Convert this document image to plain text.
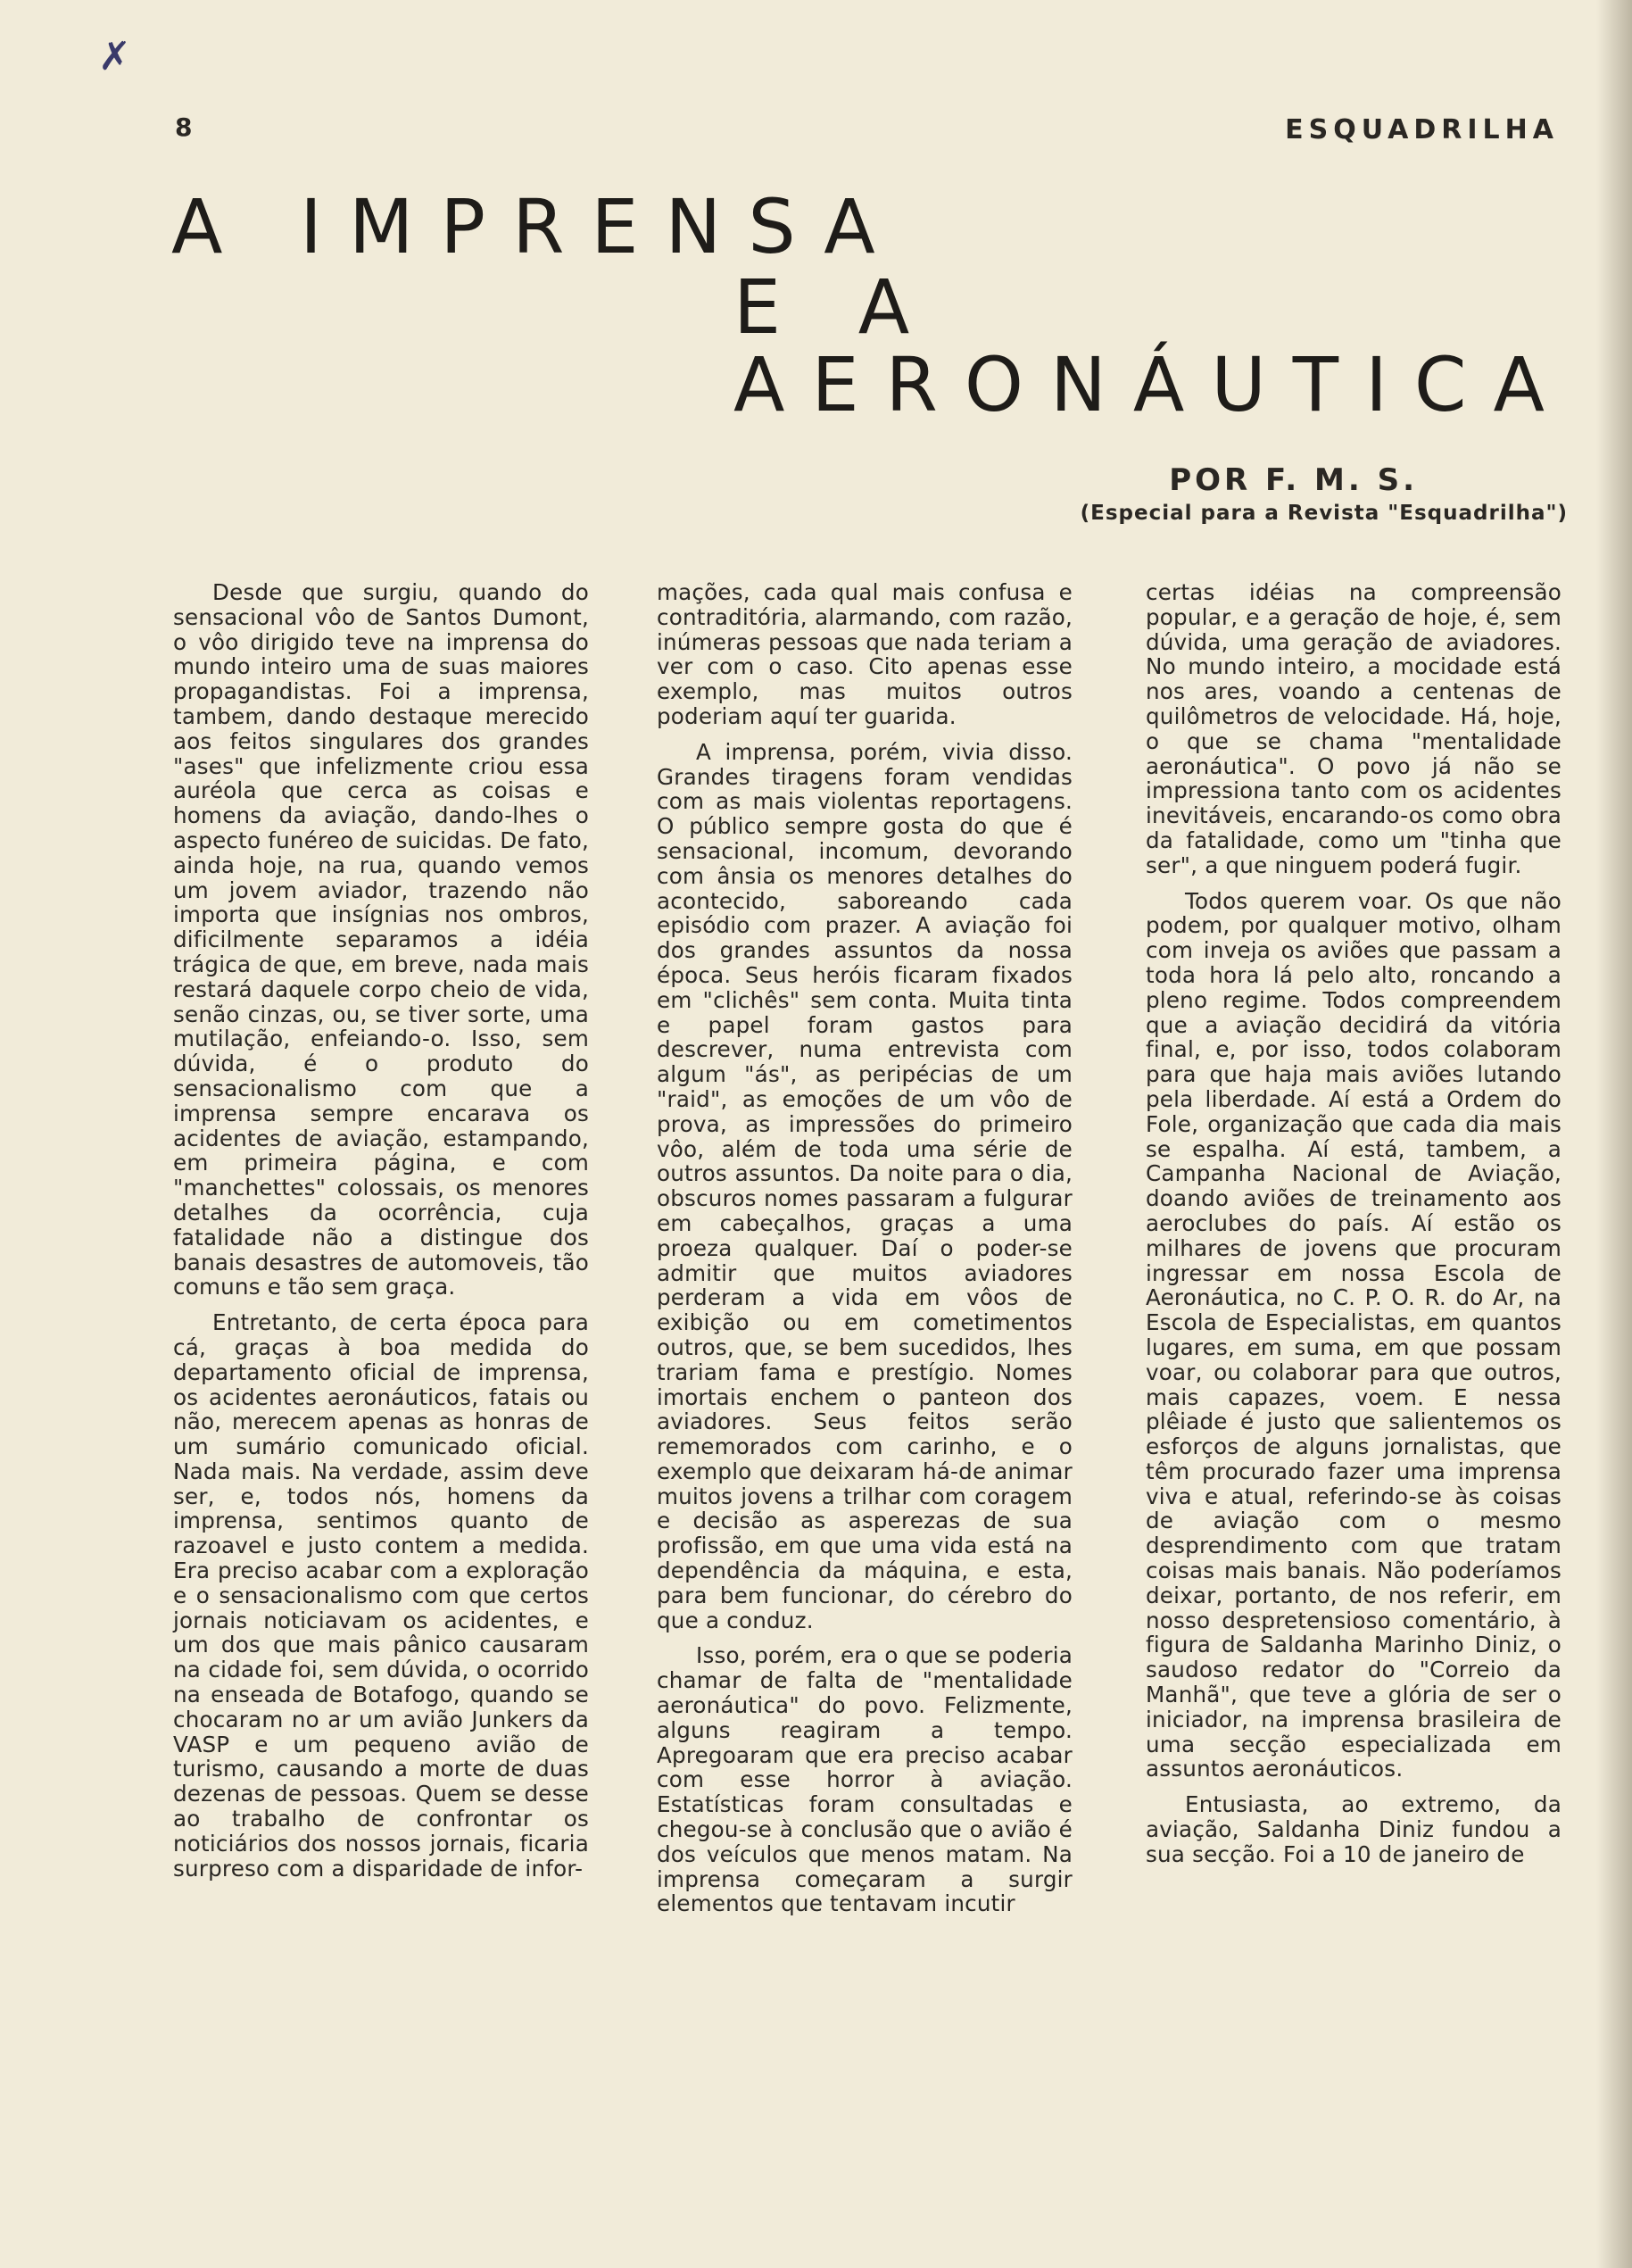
✗
8	ESQUADRILHA
A IMPRENSA
E A
AERONÁUTICA
POR F. M. S.
(Especial para a Revista "Esquadrilha")

Desde que surgiu, quando do sensacional vôo de Santos Dumont, o vôo dirigido teve na imprensa do mundo inteiro uma de suas maiores propagandistas. Foi a imprensa, tambem, dando destaque merecido aos feitos singulares dos grandes "ases" que infelizmente criou essa auréola que cerca as coisas e homens da aviação, dando-lhes o aspecto funéreo de suicidas. De fato, ainda hoje, na rua, quando vemos um jovem aviador, trazendo não importa que insígnias nos ombros, dificilmente separamos a idéia trágica de que, em breve, nada mais restará daquele corpo cheio de vida, senão cinzas, ou, se tiver sorte, uma mutilação, enfeiando-o. Isso, sem dúvida, é o produto do sensacionalismo com que a imprensa sempre encarava os acidentes de aviação, estampando, em primeira página, e com "manchettes" colossais, os menores detalhes da ocorrência, cuja fatalidade não a distingue dos banais desastres de automoveis, tão comuns e tão sem graça.

Entretanto, de certa época para cá, graças à boa medida do departamento oficial de imprensa, os acidentes aeronáuticos, fatais ou não, merecem apenas as honras de um sumário comunicado oficial. Nada mais. Na verdade, assim deve ser, e, todos nós, homens da imprensa, sentimos quanto de razoavel e justo contem a medida. Era preciso acabar com a exploração e o sensacionalismo com que certos jornais noticiavam os acidentes, e um dos que mais pânico causaram na cidade foi, sem dúvida, o ocorrido na enseada de Botafogo, quando se chocaram no ar um avião Junkers da VASP e um pequeno avião de turismo, causando a morte de duas dezenas de pessoas. Quem se desse ao trabalho de confrontar os noticiários dos nossos jornais, ficaria surpreso com a disparidade de infor-

mações, cada qual mais confusa e contraditória, alarmando, com razão, inúmeras pessoas que nada teriam a ver com o caso. Cito apenas esse exemplo, mas muitos outros poderiam aquí ter guarida.

A imprensa, porém, vivia disso. Grandes tiragens foram vendidas com as mais violentas reportagens. O público sempre gosta do que é sensacional, incomum, devorando com ânsia os menores detalhes do acontecido, saboreando cada episódio com prazer. A aviação foi dos grandes assuntos da nossa época. Seus heróis ficaram fixados em "clichês" sem conta. Muita tinta e papel foram gastos para descrever, numa entrevista com algum "ás", as peripécias de um "raid", as emoções de um vôo de prova, as impressões do primeiro vôo, além de toda uma série de outros assuntos. Da noite para o dia, obscuros nomes passaram a fulgurar em cabeçalhos, graças a uma proeza qualquer. Daí o poder-se admitir que muitos aviadores perderam a vida em vôos de exibição ou em cometimentos outros, que, se bem sucedidos, lhes trariam fama e prestígio. Nomes imortais enchem o panteon dos aviadores. Seus feitos serão rememorados com carinho, e o exemplo que deixaram há-de animar muitos jovens a trilhar com coragem e decisão as asperezas de sua profissão, em que uma vida está na dependência da máquina, e esta, para bem funcionar, do cérebro do que a conduz.

Isso, porém, era o que se poderia chamar de falta de "mentalidade aeronáutica" do povo. Felizmente, alguns reagiram a tempo. Apregoaram que era preciso acabar com esse horror à aviação. Estatísticas foram consultadas e chegou-se à conclusão que o avião é dos veículos que menos matam. Na imprensa começaram a surgir elementos que tentavam incutir

certas idéias na compreensão popular, e a geração de hoje, é, sem dúvida, uma geração de aviadores. No mundo inteiro, a mocidade está nos ares, voando a centenas de quilômetros de velocidade. Há, hoje, o que se chama "mentalidade aeronáutica". O povo já não se impressiona tanto com os acidentes inevitáveis, encarando-os como obra da fatalidade, como um "tinha que ser", a que ninguem poderá fugir.

Todos querem voar. Os que não podem, por qualquer motivo, olham com inveja os aviões que passam a toda hora lá pelo alto, roncando a pleno regime. Todos compreendem que a aviação decidirá da vitória final, e, por isso, todos colaboram para que haja mais aviões lutando pela liberdade. Aí está a Ordem do Fole, organização que cada dia mais se espalha. Aí está, tambem, a Campanha Nacional de Aviação, doando aviões de treinamento aos aeroclubes do país. Aí estão os milhares de jovens que procuram ingressar em nossa Escola de Aeronáutica, no C. P. O. R. do Ar, na Escola de Especialistas, em quantos lugares, em suma, em que possam voar, ou colaborar para que outros, mais capazes, voem. E nessa plêiade é justo que salientemos os esforços de alguns jornalistas, que têm procurado fazer uma imprensa viva e atual, referindo-se às coisas de aviação com o mesmo desprendimento com que tratam coisas mais banais. Não poderíamos deixar, portanto, de nos referir, em nosso despretensioso comentário, à figura de Saldanha Marinho Diniz, o saudoso redator do "Correio da Manhã", que teve a glória de ser o iniciador, na imprensa brasileira de uma secção especializada em assuntos aeronáuticos.

Entusiasta, ao extremo, da aviação, Saldanha Diniz fundou a sua secção. Foi a 10 de janeiro de
